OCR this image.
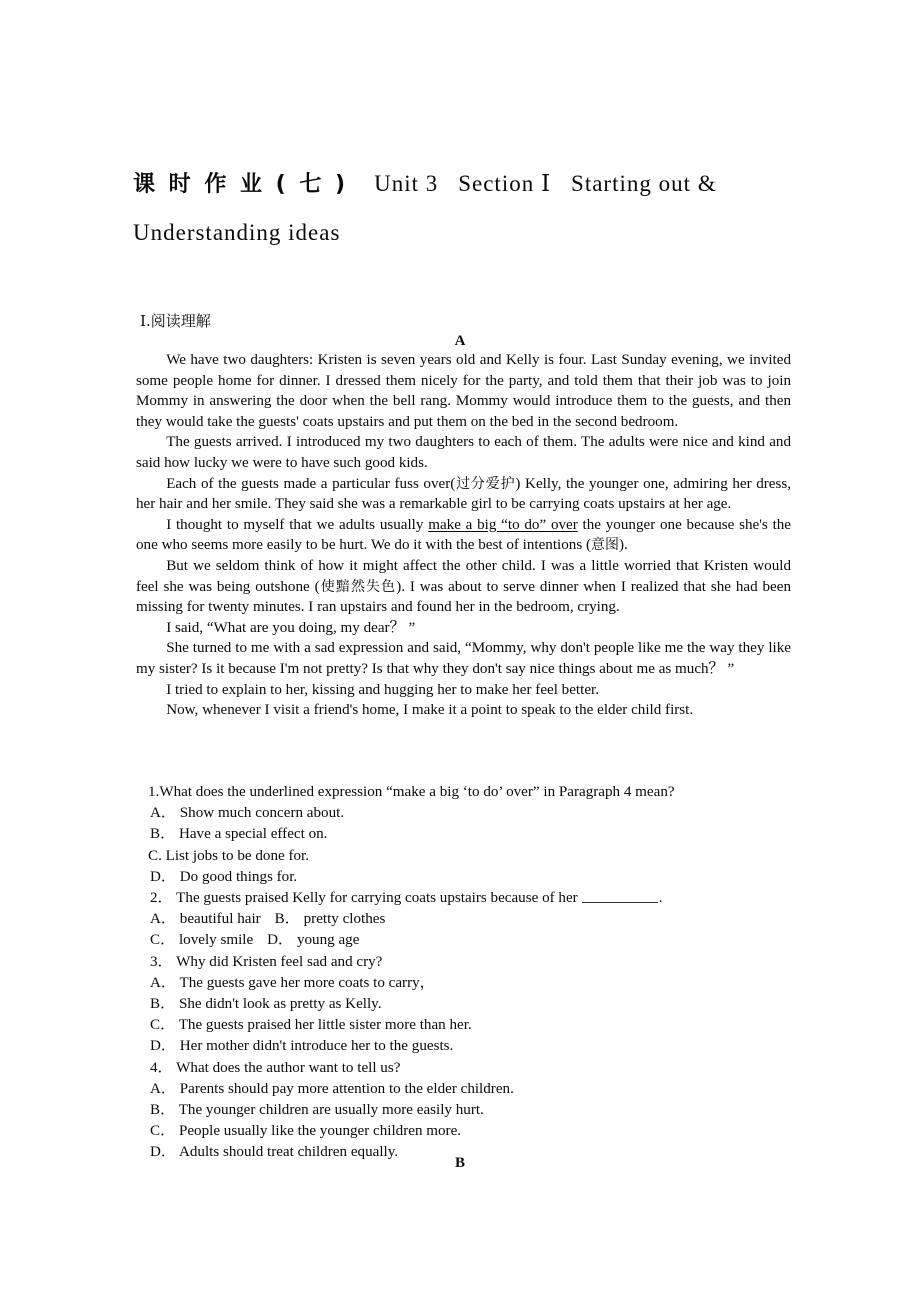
课 时 作 业 ( 七 ) Unit 3 Section Ⅰ Starting out &
Understanding ideas
Ⅰ.阅读理解
A

We have two daughters: Kristen is seven years old and Kelly is four. Last Sunday evening, we invited some people home for dinner. I dressed them nicely for the party, and told them that their job was to join Mommy in answering the door when the bell rang. Mommy would introduce them to the guests, and then they would take the guests' coats upstairs and put them on the bed in the second bedroom.

The guests arrived. I introduced my two daughters to each of them. The adults were nice and kind and said how lucky we were to have such good kids.

Each of the guests made a particular fuss over(过分爱护) Kelly, the younger one, admiring her dress, her hair and her smile. They said she was a remarkable girl to be carrying coats upstairs at her age.

I thought to myself that we adults usually make a big “to do” over the younger one because she's the one who seems more easily to be hurt. We do it with the best of intentions (意图).

But we seldom think of how it might affect the other child. I was a little worried that Kristen would feel she was being outshone (使黯然失色). I was about to serve dinner when I realized that she had been missing for twenty minutes. I ran upstairs and found her in the bedroom, crying.

I said, “What are you doing, my dear？ ”

She turned to me with a sad expression and said, “Mommy, why don't people like me the way they like my sister? Is it because I'm not pretty? Is that why they don't say nice things about me as much？ ”

I tried to explain to her, kissing and hugging her to make her feel better.

Now, whenever I visit a friend's home, I make it a point to speak to the elder child first.

1.What does the underlined expression “make a big ‘to do’ over” in Paragraph 4 mean?

A． Show much concern about.

B． Have a special effect on.

C. List jobs to be done for.

D． Do good things for.

2． The guests praised Kelly for carrying coats upstairs because of her	.

A． beautiful hair B． pretty clothes

C． lovely smile D． young age

3． Why did Kristen feel sad and cry?

A． The guests gave her more coats to carry，

B． She didn't look as pretty as Kelly.

C． The guests praised her little sister more than her.

D． Her mother didn't introduce her to the guests.

4． What does the author want to tell us?

A． Parents should pay more attention to the elder children.

B． The younger children are usually more easily hurt.

C． People usually like the younger children more.

D． Adults should treat children equally.

B
